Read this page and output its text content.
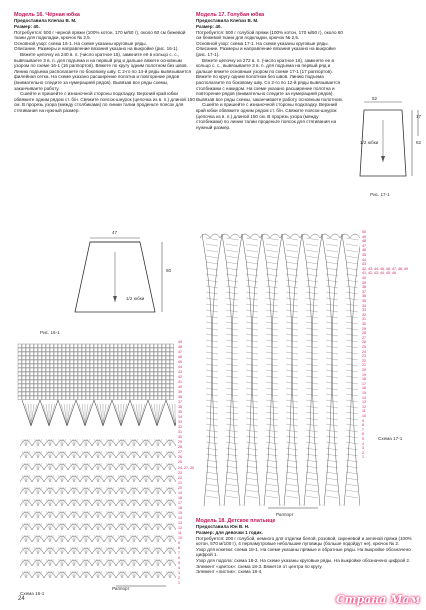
Модель 16. Чёрная юбка

Предоставила Клепач В. М.

Размер: 40.

Потребуется: 500 г черной пряжи (100% котон, 170 м/50 г), около 60 см бежевой ткани для подкладки, крючок № 2,5.

Основной узор: схема 16-1. На схеме указаны круговые ряды.

Описание. Размеры и направление вязания указано на выкройке (рис. 16-1).

Вяжете цепочку из 240 в. п. (число кратное 15), замкните её в кольцо с. с., вывязываете 3 в. п. для подъема и на первый ряд и дальше вяжете основным узором по схеме 16-1 (16 раппортов). Вяжете по кругу одним полотном без швов. Линию подъема располагаете по боковому шву. С 2-го по 14-й ряды вывязывается филейная сетка. На схеме указано расширение полотна и повторение рядов (внимательно следите за нумерацией рядов). Вывязав все ряды схемы, заканчиваете работу.

Сшейте и пришейте с изнаночной стороны подкладку. Верхний край юбки обвяжите одним рядом ст. б/н. Свяжите поясок-шнурок (цепочка из в. п.) длиной 150 см. В прорезь узора (между столбиками) по линии талии проденьте поясок для стягивания на нужный размер.

47
60
1/2 юбки
Рис. 16-1
49
48
47
46
45
44
43
42
41
40
39
38
37
36
35
34
33
32
31
30
29
28
27
26
25
24, 27, 30
23
22
21
20
19
18
17
16
15
14
13
12
11
10
9
8
7
6
5
4
3
2
1
Схема 16-1
Раппорт

Модель 17. Голубая юбка

Предоставила Клепач В. М.

Размер: 40.

Потребуется: 500 г голубой пряжи (100% котон, 170 м/50 г), около 60 см бежевой ткани для подкладки, крючок № 2,5.

Основной узор: схема 17-1. На схеме указаны круговые ряды.

Описание. Размеры и направление вязания указано на выкройке (рис. 17-1).

Вяжете цепочку из 272 в. п. (число кратное 16), замкнете ее в кольцо с. с., вывязываете 3 в. п. для подъема на первый ряд и дальше вяжете основным узором по схеме 17-1 (17 раппортов). Вяжете по кругу одним полотном без швов. Линию подъема располагаете по боковому шву. Со 2-го по 12-й ряды вывязывается столбиками с накидом. На схеме указано расширение полотна и повторение рядов (внимательно следите за нумерацией рядов). Вывязав все ряды схемы, заканчиваете работу основным полотном.

Сшейте и пришейте с изнаночной стороны подкладку. Верхний край юбки обвяжите одним рядом ст. б/н. Свяжите поясок-шнурок (цепочка из в. п.) длиной 150 см. В прорезь узора (между столбиками) по линии талии проденьте поясок для стягивания на нужный размер.

52
62
17
1/2 юбки
Рис. 17-1
50
49
48
47
46
45
44
43
42, 43, 44, 45, 46, 47, 48, 49
41, 42, 43, 44, 45, 46
40
39
38
37
36
35
34
33
32
31
30
29
28
27
26
25
24
23
22
21
20
19
18
17
16
15
14
13
12
11
10
9
8
7
6
5
4
3
2
1
Схема 17-1
Раппорт

Модель 18. Детское платьице

Предоставила Юн В. Н.

Размер: для девочки 1 годик.

Потребуется: 200 г голубой, немного для отделки белой, розовой, сиреневой и зеленой пряжи (100% котон, 570 м/100 г), 4 перламутровые небольшие пуговицы (больше подойдут не), крючок № 2.

Узор для кокетки: схема 18-1. На схеме указаны прямые и обратные ряды. На выкройке обозначено цифрой 1.

Узор для подола: схема 18-2. На схеме указаны круговые ряды. На выкройке обозначено цифрой 2.

Элемент «цветок»: схема 18-3. Вяжется от центра по кругу.

Элемент «листик»: схема 18-4.

24	Страна Мам
